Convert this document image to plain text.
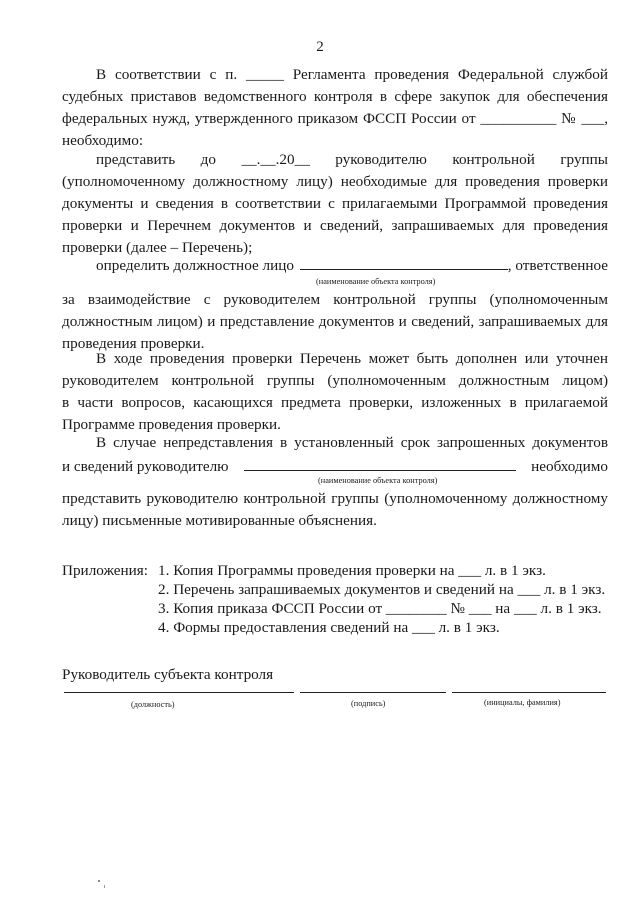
2
В соответствии с п. _____ Регламента проведения Федеральной службой
судебных приставов ведомственного контроля в сфере закупок для обеспечения
федеральных нужд, утвержденного приказом ФССП России от __________ № ___,
необходимо:
представить до __.__.20__ руководителю контрольной группы
(уполномоченному должностному лицу) необходимые для проведения проверки
документы и сведения в соответствии с прилагаемыми Программой проведения
проверки и Перечнем документов и сведений, запрашиваемых для проведения
проверки (далее – Перечень);
определить должностное лицо	, ответственное
(наименование объекта контроля)
за взаимодействие с руководителем контрольной группы (уполномоченным
должностным лицом) и представление документов и сведений, запрашиваемых для
проведения проверки.
В ходе проведения проверки Перечень может быть дополнен или уточнен
руководителем контрольной группы (уполномоченным должностным лицом)
в части вопросов, касающихся предмета проверки, изложенных в прилагаемой
Программе проведения проверки.
В случае непредставления в установленный срок запрошенных документов
и сведений руководителю	необходимо
(наименование объекта контроля)
представить руководителю контрольной группы (уполномоченному должностному
лицу) письменные мотивированные объяснения.
Приложения: 1. Копия Программы проведения проверки на ___ л. в 1 экз.
2. Перечень запрашиваемых документов и сведений на ___ л. в 1 экз.
3. Копия приказа ФССП России от ________ № ___ на ___ л. в 1 экз.
4. Формы предоставления сведений на ___ л. в 1 экз.
Руководитель субъекта контроля
(должность)	(подпись)	(инициалы, фамилия)
